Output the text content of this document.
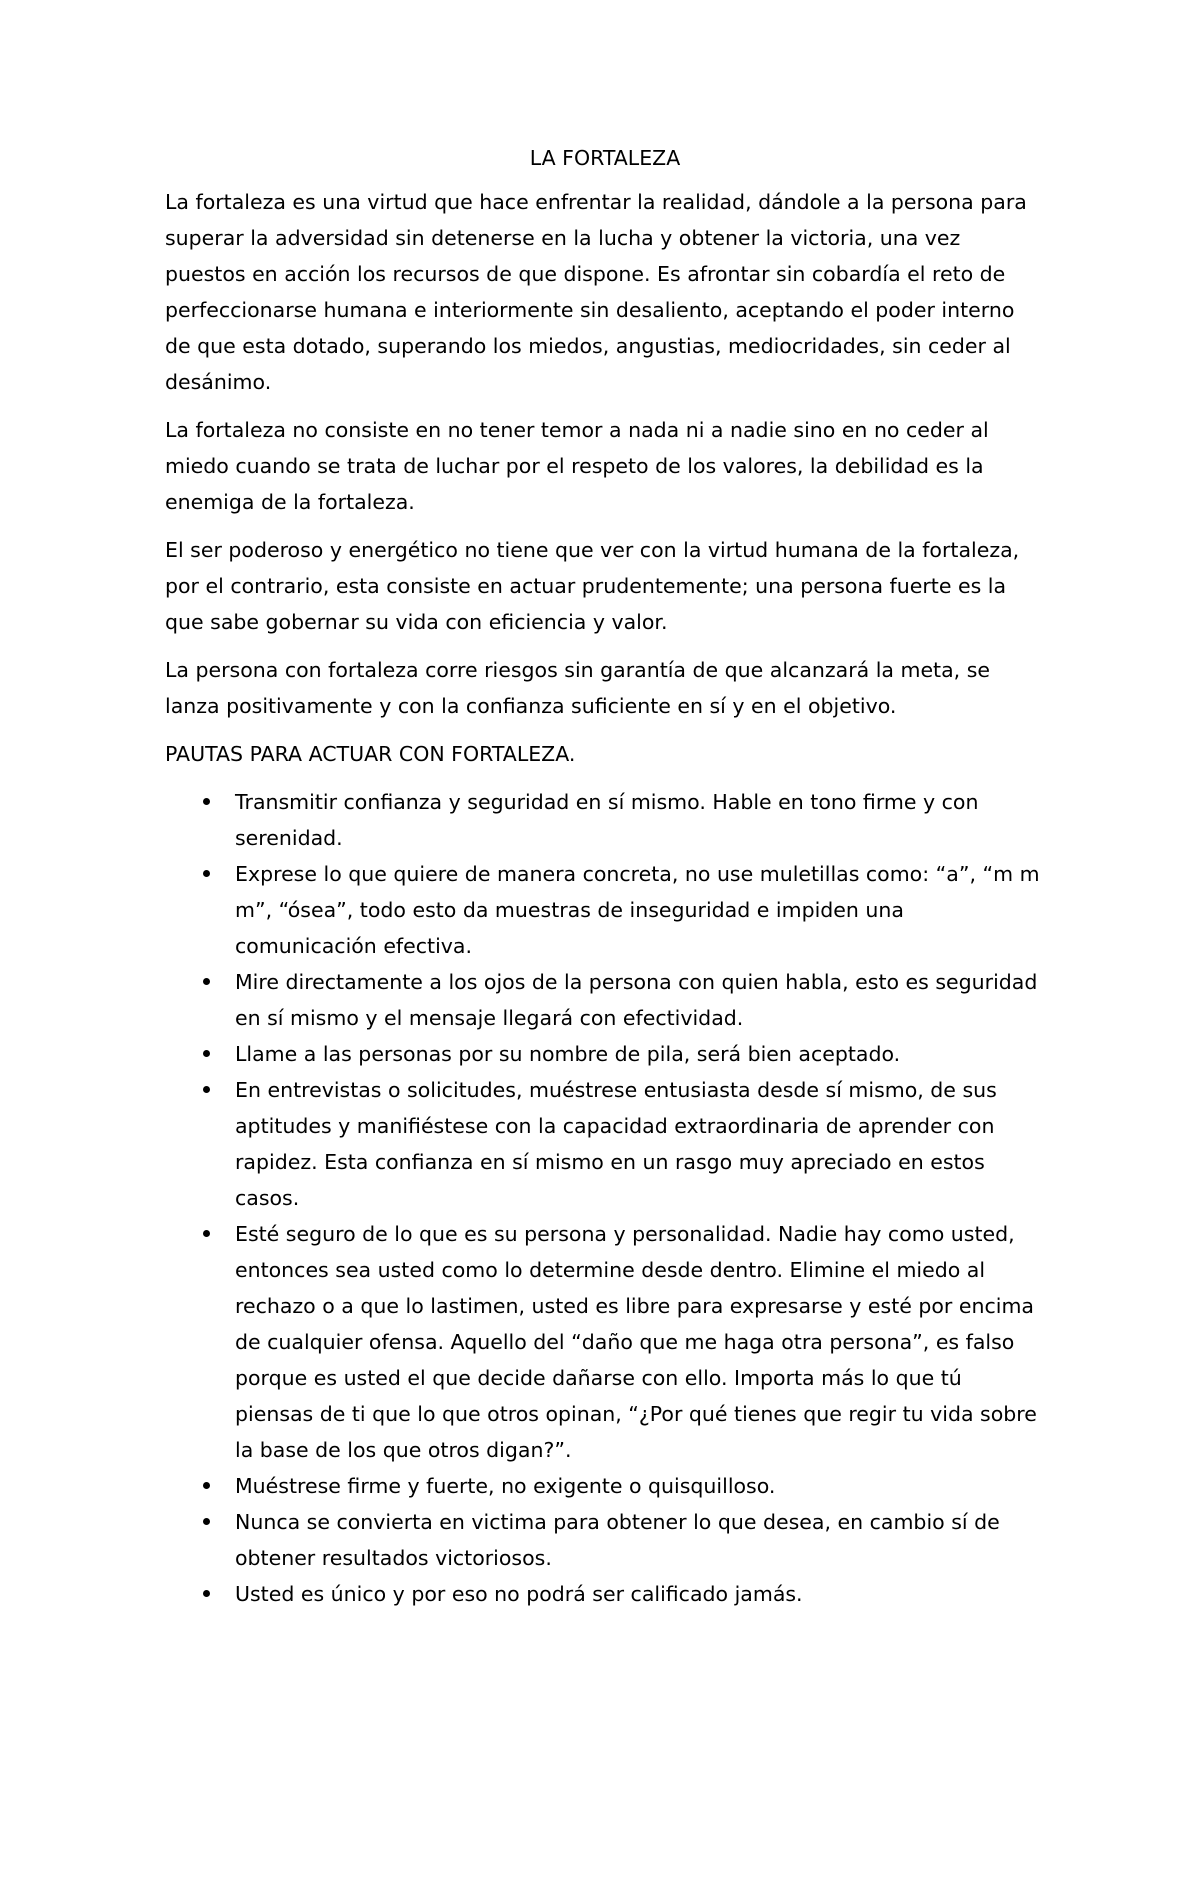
LA FORTALEZA

La fortaleza es una virtud que hace enfrentar la realidad, dándole a la persona para superar la adversidad sin detenerse en la lucha y obtener la victoria, una vez puestos en acción los recursos de que dispone. Es afrontar sin cobardía el reto de perfeccionarse humana e interiormente sin desaliento, aceptando el poder interno de que esta dotado, superando los miedos, angustias, mediocridades, sin ceder al desánimo.

La fortaleza no consiste en no tener temor a nada ni a nadie sino en no ceder al miedo cuando se trata de luchar por el respeto de los valores, la debilidad es la enemiga de la fortaleza.

El ser poderoso y energético no tiene que ver con la virtud humana de la fortaleza, por el contrario, esta consiste en actuar prudentemente; una persona fuerte es la que sabe gobernar su vida con eficiencia y valor.

La persona con fortaleza corre riesgos sin garantía de que alcanzará la meta, se lanza positivamente y con la confianza suficiente en sí y en el objetivo.

PAUTAS PARA ACTUAR CON FORTALEZA.

Transmitir confianza y seguridad en sí mismo. Hable en tono firme y con serenidad.
Exprese lo que quiere de manera concreta, no use muletillas como: “a”, “m m m”, “ósea”, todo esto da muestras de inseguridad e impiden una comunicación efectiva.
Mire directamente a los ojos de la persona con quien habla, esto es seguridad en sí mismo y el mensaje llegará con efectividad.
Llame a las personas por su nombre de pila, será bien aceptado.
En entrevistas o solicitudes, muéstrese entusiasta desde sí mismo, de sus aptitudes y manifiéstese con la capacidad extraordinaria de aprender con rapidez. Esta confianza en sí mismo en un rasgo muy apreciado en estos casos.
Esté seguro de lo que es su persona y personalidad. Nadie hay como usted, entonces sea usted como lo determine desde dentro. Elimine el miedo al rechazo o a que lo lastimen, usted es libre para expresarse y esté por encima de cualquier ofensa. Aquello del “daño que me haga otra persona”, es falso porque es usted el que decide dañarse con ello. Importa más lo que tú piensas de ti que lo que otros opinan, “¿Por qué tienes que regir tu vida sobre la base de los que otros digan?”.
Muéstrese firme y fuerte, no exigente o quisquilloso.
Nunca se convierta en victima para obtener lo que desea, en cambio sí de obtener resultados victoriosos.
Usted es único y por eso no podrá ser calificado jamás.
